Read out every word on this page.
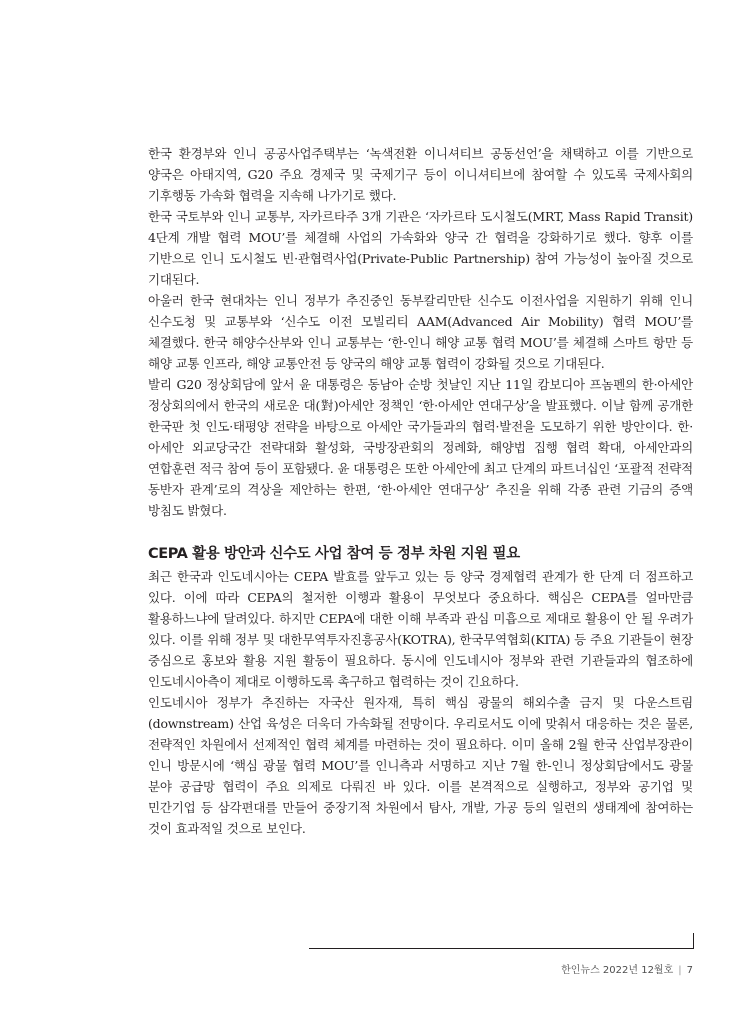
한국 환경부와 인니 공공사업주택부는 ‘녹색전환 이니셔티브 공동선언’을 채택하고 이를 기반으로 양국은 아태지역, G20 주요 경제국 및 국제기구 등이 이니셔티브에 참여할 수 있도록 국제사회의 기후행동 가속화 협력을 지속해 나가기로 했다.

한국 국토부와 인니 교통부, 자카르타주 3개 기관은 ‘자카르타 도시철도(MRT, Mass Rapid Transit) 4단계 개발 협력 MOU’를 체결해 사업의 가속화와 양국 간 협력을 강화하기로 했다. 향후 이를 기반으로 인니 도시철도 빈·관협력사업(Private-Public Partnership) 참여 가능성이 높아질 것으로 기대된다.

아울러 한국 현대차는 인니 정부가 추진중인 동부칼리만탄 신수도 이전사업을 지원하기 위해 인니 신수도청 및 교통부와 ‘신수도 이전 모빌리티 AAM(Advanced Air Mobility) 협력 MOU’를 체결했다. 한국 해양수산부와 인니 교통부는 ‘한-인니 해양 교통 협력 MOU’를 체결해 스마트 항만 등 해양 교통 인프라, 해양 교통안전 등 양국의 해양 교통 협력이 강화될 것으로 기대된다.

발리 G20 정상회담에 앞서 윤 대통령은 동남아 순방 첫날인 지난 11일 캄보디아 프놈펜의 한·아세안 정상회의에서 한국의 새로운 대(對)아세안 정책인 ‘한·아세안 연대구상’을 발표했다. 이날 함께 공개한 한국판 첫 인도·태평양 전략을 바탕으로 아세안 국가들과의 협력·발전을 도모하기 위한 방안이다. 한·아세안 외교당국간 전략대화 활성화, 국방장관회의 정례화, 해양법 집행 협력 확대, 아세안과의 연합훈련 적극 참여 등이 포함됐다. 윤 대통령은 또한 아세안에 최고 단계의 파트너십인 ‘포괄적 전략적 동반자 관계’로의 격상을 제안하는 한편, ‘한·아세안 연대구상’ 추진을 위해 각종 관련 기금의 증액 방침도 밝혔다.

CEPA 활용 방안과 신수도 사업 참여 등 정부 차원 지원 필요

최근 한국과 인도네시아는 CEPA 발효를 앞두고 있는 등 양국 경제협력 관계가 한 단계 더 점프하고 있다. 이에 따라 CEPA의 철저한 이행과 활용이 무엇보다 중요하다. 핵심은 CEPA를 얼마만큼 활용하느냐에 달려있다. 하지만 CEPA에 대한 이해 부족과 관심 미흡으로 제대로 활용이 안 될 우려가 있다. 이를 위해 정부 및 대한무역투자진흥공사(KOTRA), 한국무역협회(KITA) 등 주요 기관들이 현장 중심으로 홍보와 활용 지원 활동이 필요하다. 동시에 인도네시아 정부와 관련 기관들과의 협조하에 인도네시아측이 제대로 이행하도록 촉구하고 협력하는 것이 긴요하다.

인도네시아 정부가 추진하는 자국산 원자재, 특히 핵심 광물의 해외수출 금지 및 다운스트림(downstream) 산업 육성은 더욱더 가속화될 전망이다. 우리로서도 이에 맞춰서 대응하는 것은 물론, 전략적인 차원에서 선제적인 협력 체계를 마련하는 것이 필요하다. 이미 올해 2월 한국 산업부장관이 인니 방문시에 ‘핵심 광물 협력 MOU’를 인니측과 서명하고 지난 7월 한-인니 정상회담에서도 광물 분야 공급망 협력이 주요 의제로 다뤄진 바 있다. 이를 본격적으로 실행하고, 정부와 공기업 및 민간기업 등 삼각편대를 만들어 중장기적 차원에서 탐사, 개발, 가공 등의 일련의 생태계에 참여하는 것이 효과적일 것으로 보인다.

한인뉴스 2022년 12월호 | 7
